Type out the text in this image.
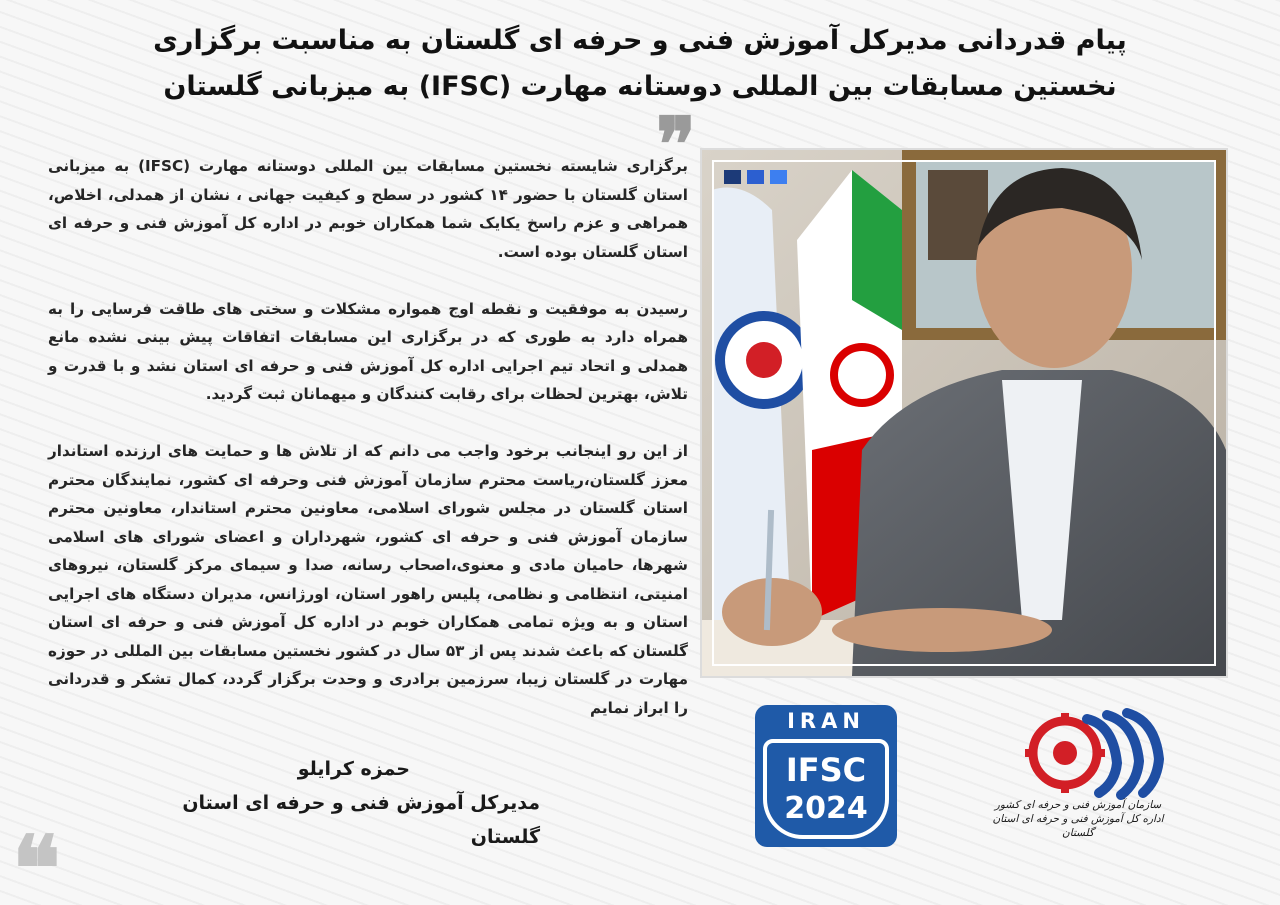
پیام قدردانی مدیرکل آموزش فنی و حرفه ای گلستان به مناسبت برگزاری
نخستین مسابقات بین المللی دوستانه مهارت (IFSC) به میزبانی گلستان
❞
❞

برگزاری شایسته نخستین مسابقات بین المللی دوستانه مهارت (IFSC) به میزبانی استان گلستان با حضور ۱۴ کشور در سطح و کیفیت جهانی ، نشان از همدلی، اخلاص، همراهی و عزم راسخ یکایک شما همکاران خوبم در اداره کل آموزش فنی و حرفه ای استان گلستان بوده است.

رسیدن به موفقیت و نقطه اوج همواره مشکلات و سختی های طاقت فرسایی را به همراه دارد به طوری که در برگزاری این مسابقات اتفاقات پیش بینی نشده مانع همدلی و اتحاد تیم اجرایی اداره کل آموزش فنی و حرفه ای استان نشد و با قدرت و تلاش، بهترین لحظات برای رقابت کنندگان و میهمانان ثبت گردید.

از این رو اینجانب برخود واجب می دانم که از تلاش ها و حمایت های ارزنده استاندار معزز گلستان،ریاست محترم سازمان آموزش فنی وحرفه ای کشور، نمایندگان محترم استان گلستان در مجلس شورای اسلامی، معاونین محترم استاندار، معاونین محترم سازمان آموزش فنی و حرفه ای کشور، شهرداران و اعضای شورای های اسلامی شهرها، حامیان مادی و معنوی،اصحاب رسانه، صدا و سیمای مرکز گلستان، نیروهای امنیتی، انتظامی و نظامی، پلیس راهور استان، اورژانس، مدیران دستگاه های اجرایی استان و به ویژه تمامی همکاران خوبم در اداره کل آموزش فنی و حرفه ای استان گلستان که باعث شدند پس از ۵۳ سال در کشور نخستین مسابقات بین المللی در حوزه مهارت در گلستان زیبا، سرزمین برادری و وحدت برگزار گردد، کمال تشکر و قدردانی را ابراز نمایم

حمزه کرایلو
مدیرکل آموزش فنی و حرفه ای استان گلستان
IRAN
IFSC
2024	سازمان آموزش فنی و حرفه ای کشور
اداره کل آموزش فنی و حرفه ای استان گلستان
